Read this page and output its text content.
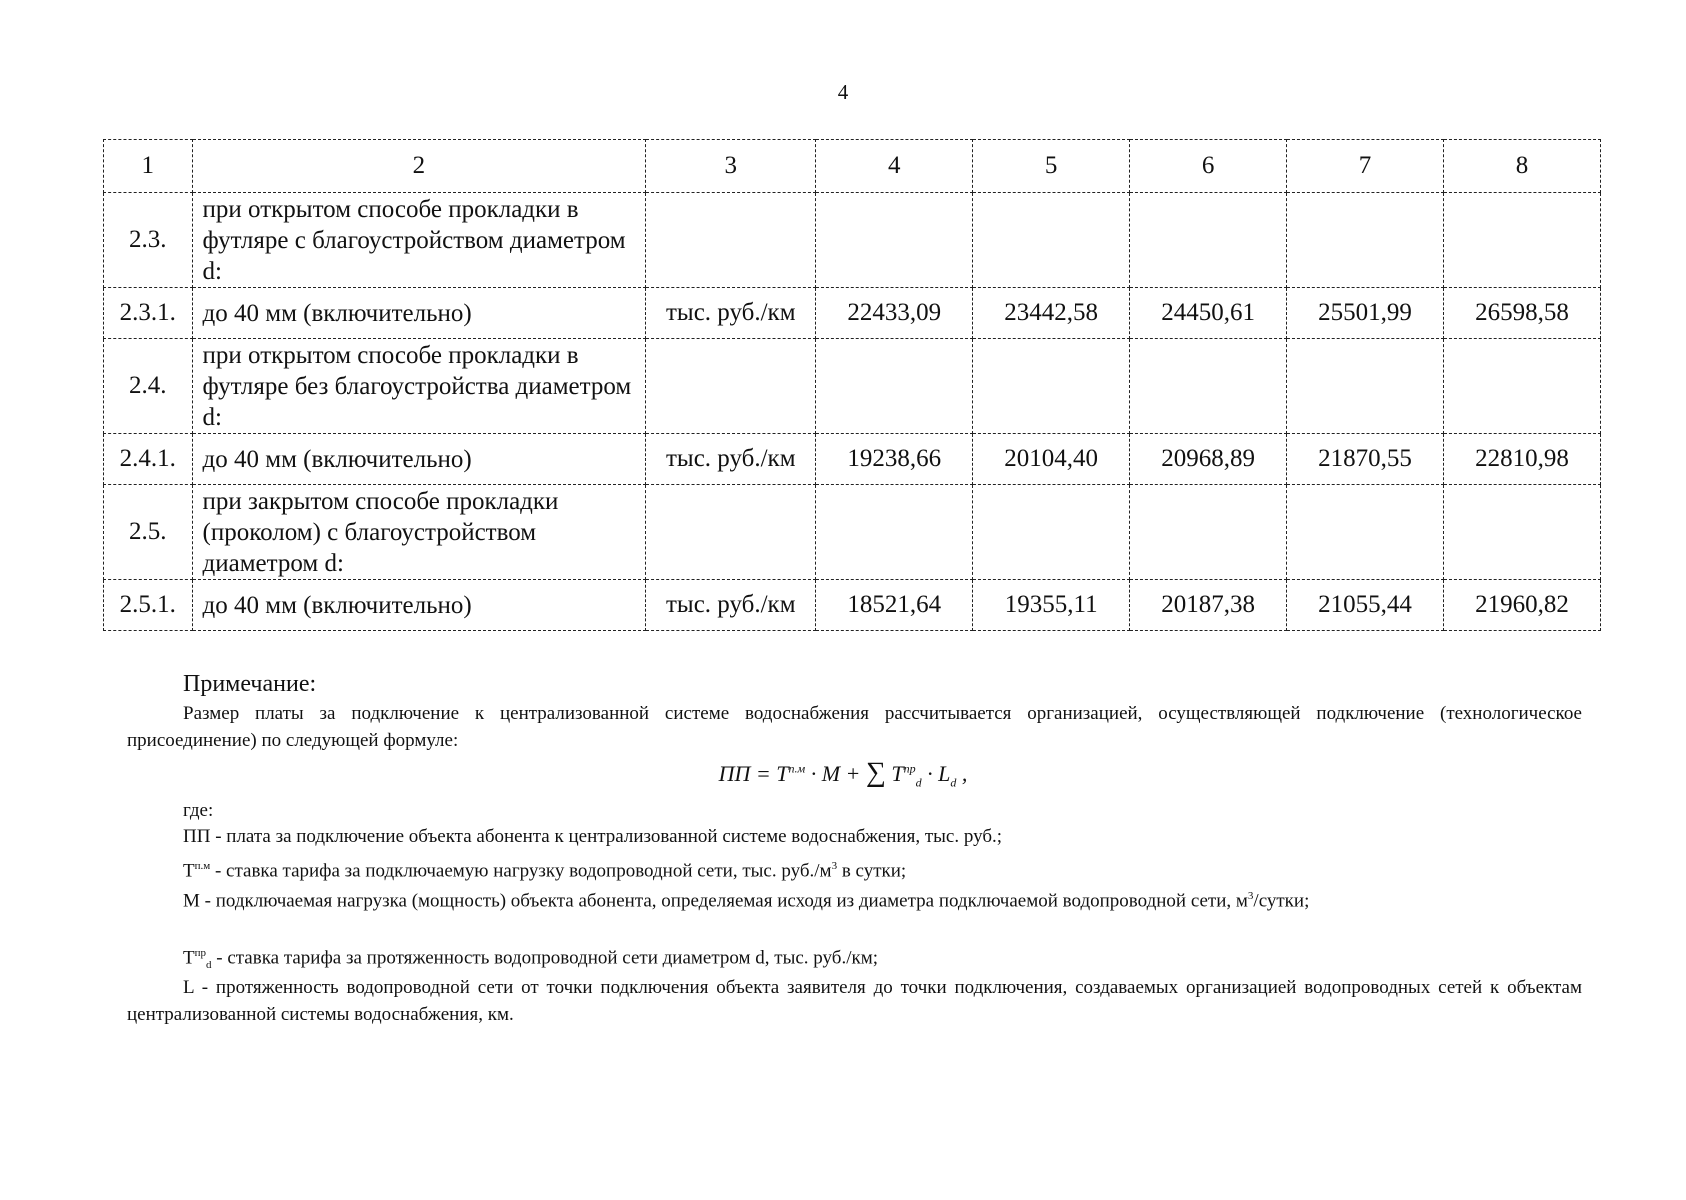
4
1	2	3	4	5	6	7	8
2.3.	при открытом способе прокладки в футляре с благоустройством диаметром d:						
2.3.1.	до 40 мм (включительно)	тыс. руб./км	22433,09	23442,58	24450,61	25501,99	26598,58
2.4.	при открытом способе прокладки в футляре без благоустройства диаметром d:						
2.4.1.	до 40 мм (включительно)	тыс. руб./км	19238,66	20104,40	20968,89	21870,55	22810,98
2.5.	при закрытом способе прокладки (проколом) с благоустройством диаметром d:						
2.5.1.	до 40 мм (включительно)	тыс. руб./км	18521,64	19355,11	20187,38	21055,44	21960,82
Примечание:

Размер платы за подключение к централизованной системе водоснабжения рассчитывается организацией, осуществляющей подключение (технологическое присоединение) по следующей формуле:

ПП = $Т^{п.м} \cdot М$ + ∑ $Т^{пр}_d \cdot L_d$ ,
где:
ПП - плата за подключение объекта абонента к централизованной системе водоснабжения, тыс. руб.;
$Т^{п.м}$ - ставка тарифа за подключаемую нагрузку водопроводной сети, тыс. $руб./м^3$ в сутки;
М - подключаемая нагрузка (мощность) объекта абонента, определяемая исходя из диаметра подключаемой водопроводной сети, $м^3$/сутки;
$Т^{пр}_d$ - ставка тарифа за протяженность водопроводной сети диаметром d, тыс. руб./км;
L - протяженность водопроводной сети от точки подключения объекта заявителя до точки подключения, создаваемых организацией водопроводных сетей к объектам централизованной системы водоснабжения, км.
